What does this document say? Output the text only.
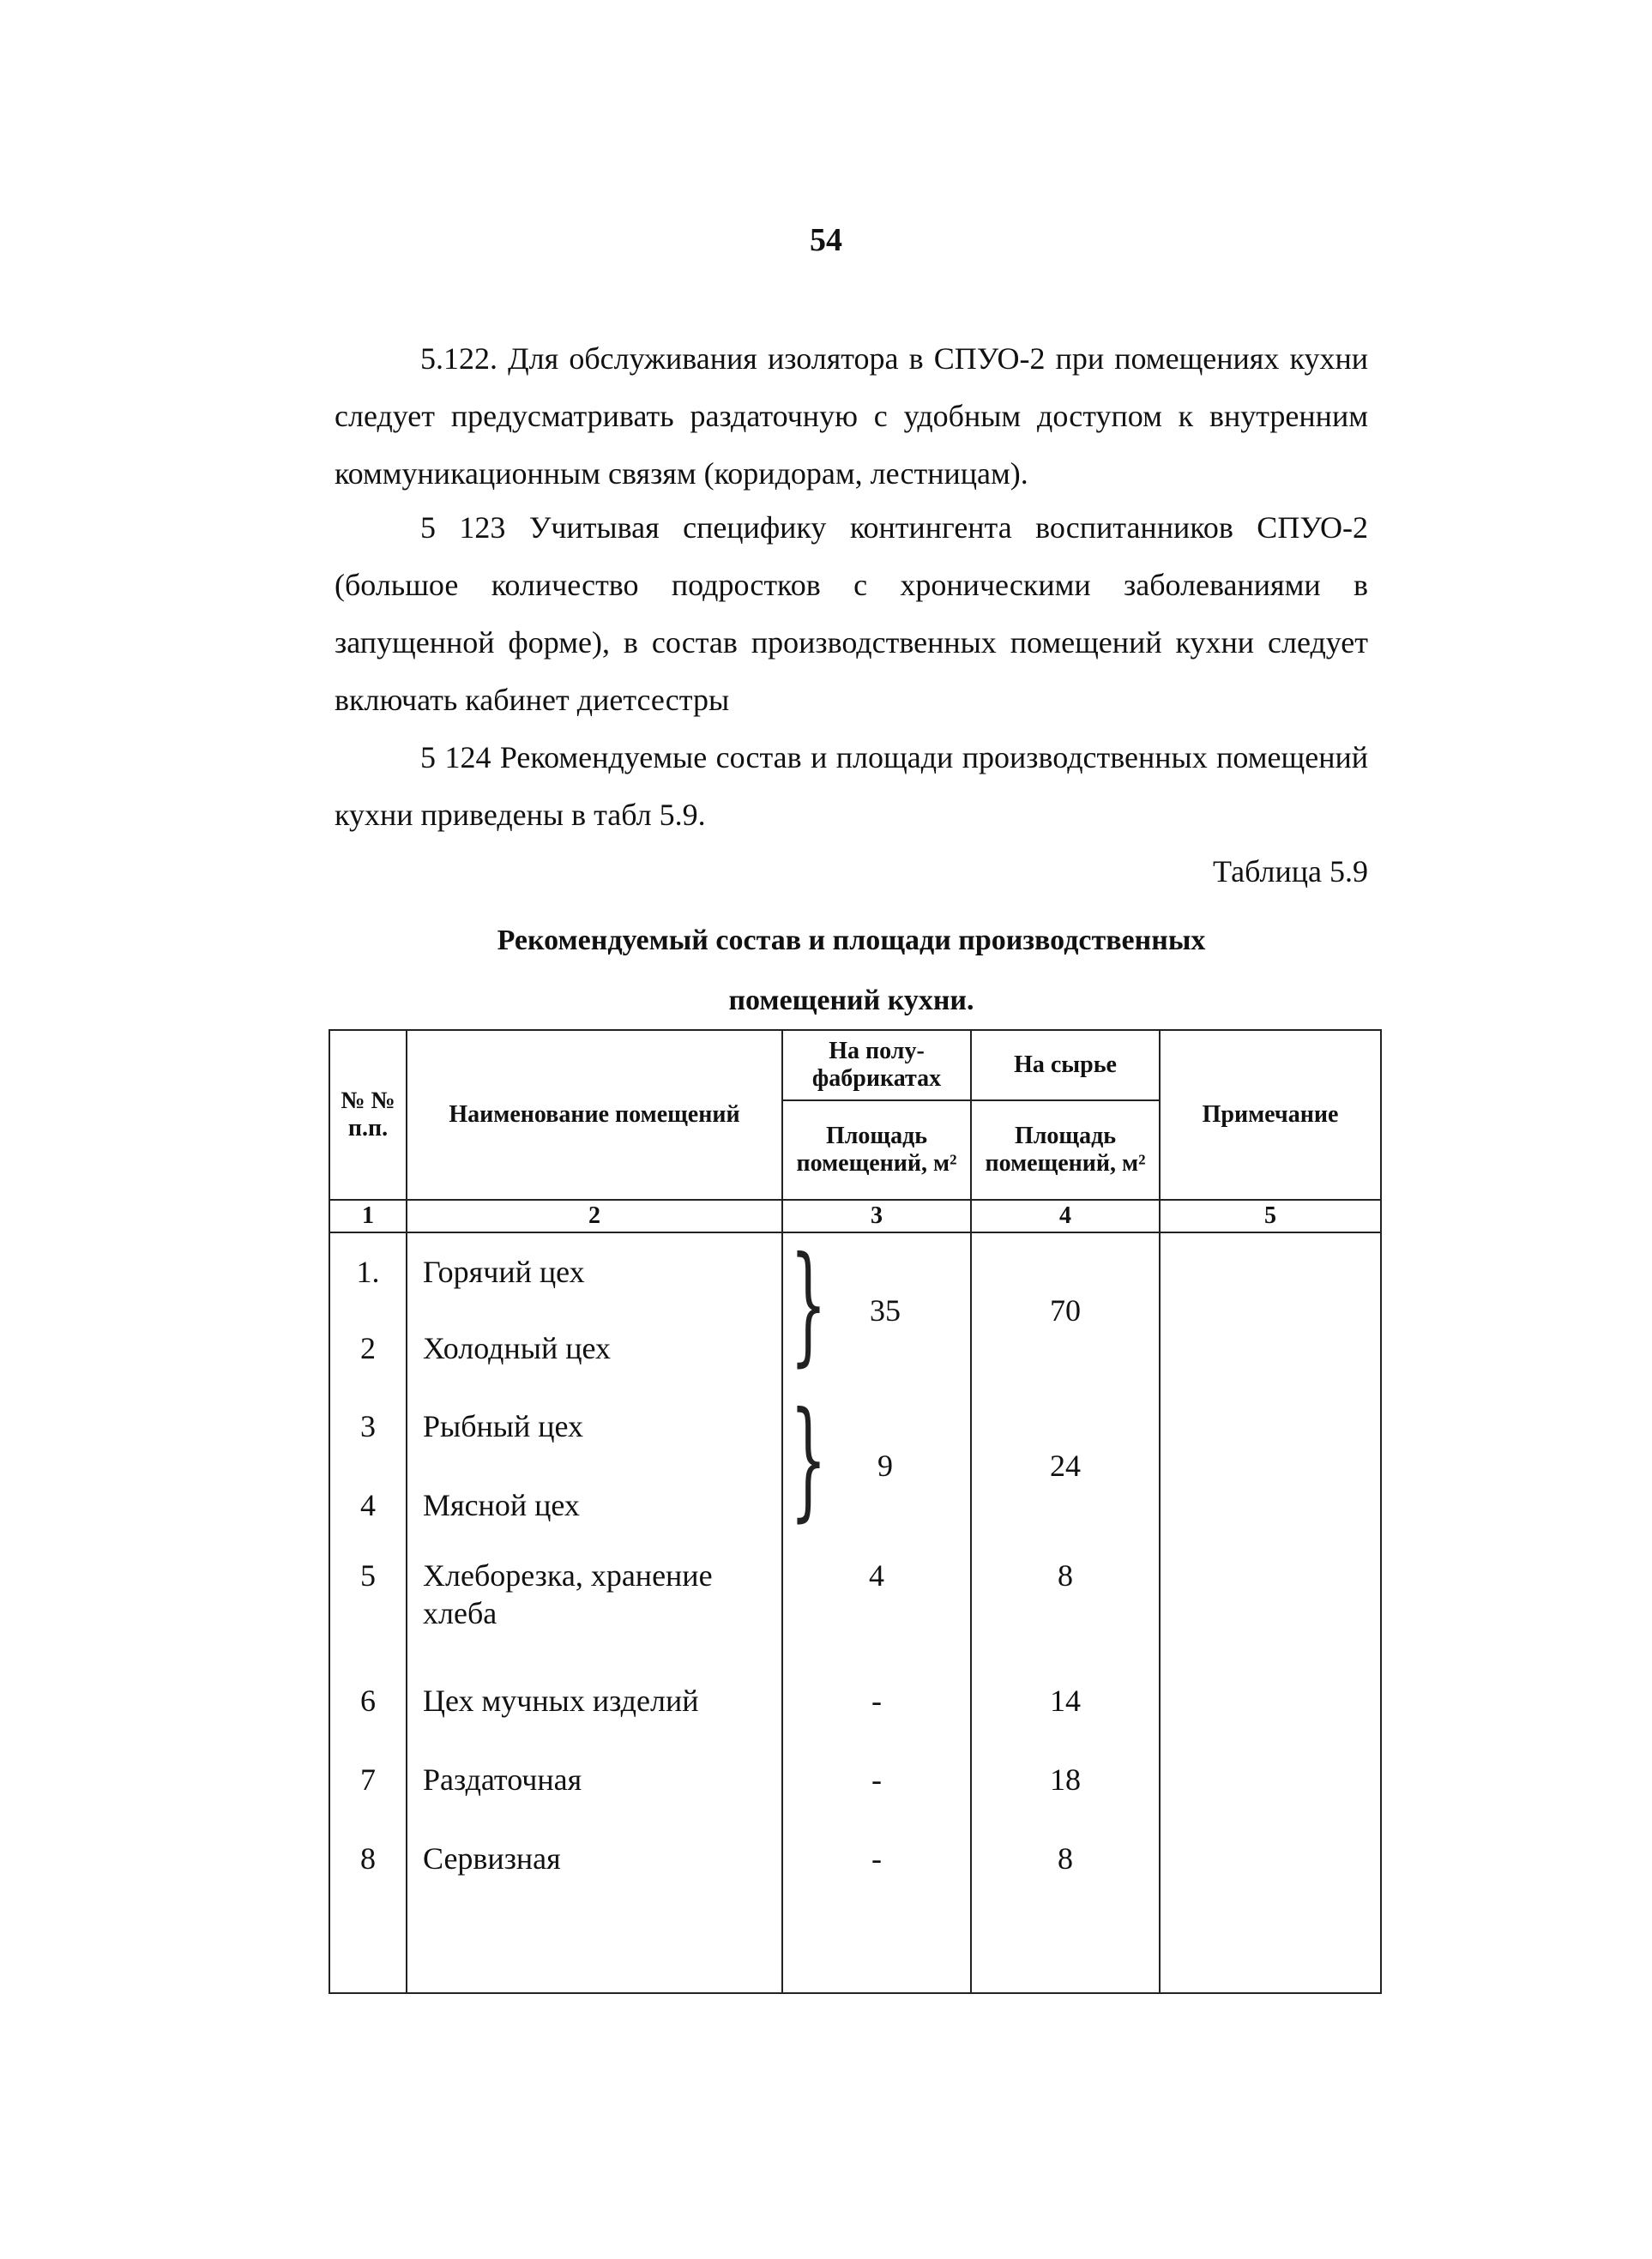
54

5.122. Для обслуживания изолятора в СПУО-2 при помещениях кухни следует предусматривать раздаточную с удобным доступом к внутренним коммуникационным связям (коридорам, лестницам).

5 123 Учитывая специфику контингента воспитанников СПУО-2 (большое количество подростков с хроническими заболеваниями в запущенной форме), в состав производственных помещений кухни следует включать кабинет диетсестры

5 124 Рекомендуемые состав и площади производственных помещений кухни приведены в табл 5.9.

Таблица 5.9
Рекомендуемый состав и площади производственных
помещений кухни.
№ № п.п.	Наименование помещений	На полу- фабрикатах	На сырье	Примечание
		Площадь помещений, м²	Площадь помещений, м²	
1	2	3	4	5
1.	Горячий цех	} 35	70	
2	Холодный цех			
3	Рыбный цех	} 9	24	
4	Мясной цех			
5	Хлеборезка, хранение хлеба	4	8	
6	Цех мучных изделий	-	14	
7	Раздаточная	-	18	
8	Сервизная	-	8	
